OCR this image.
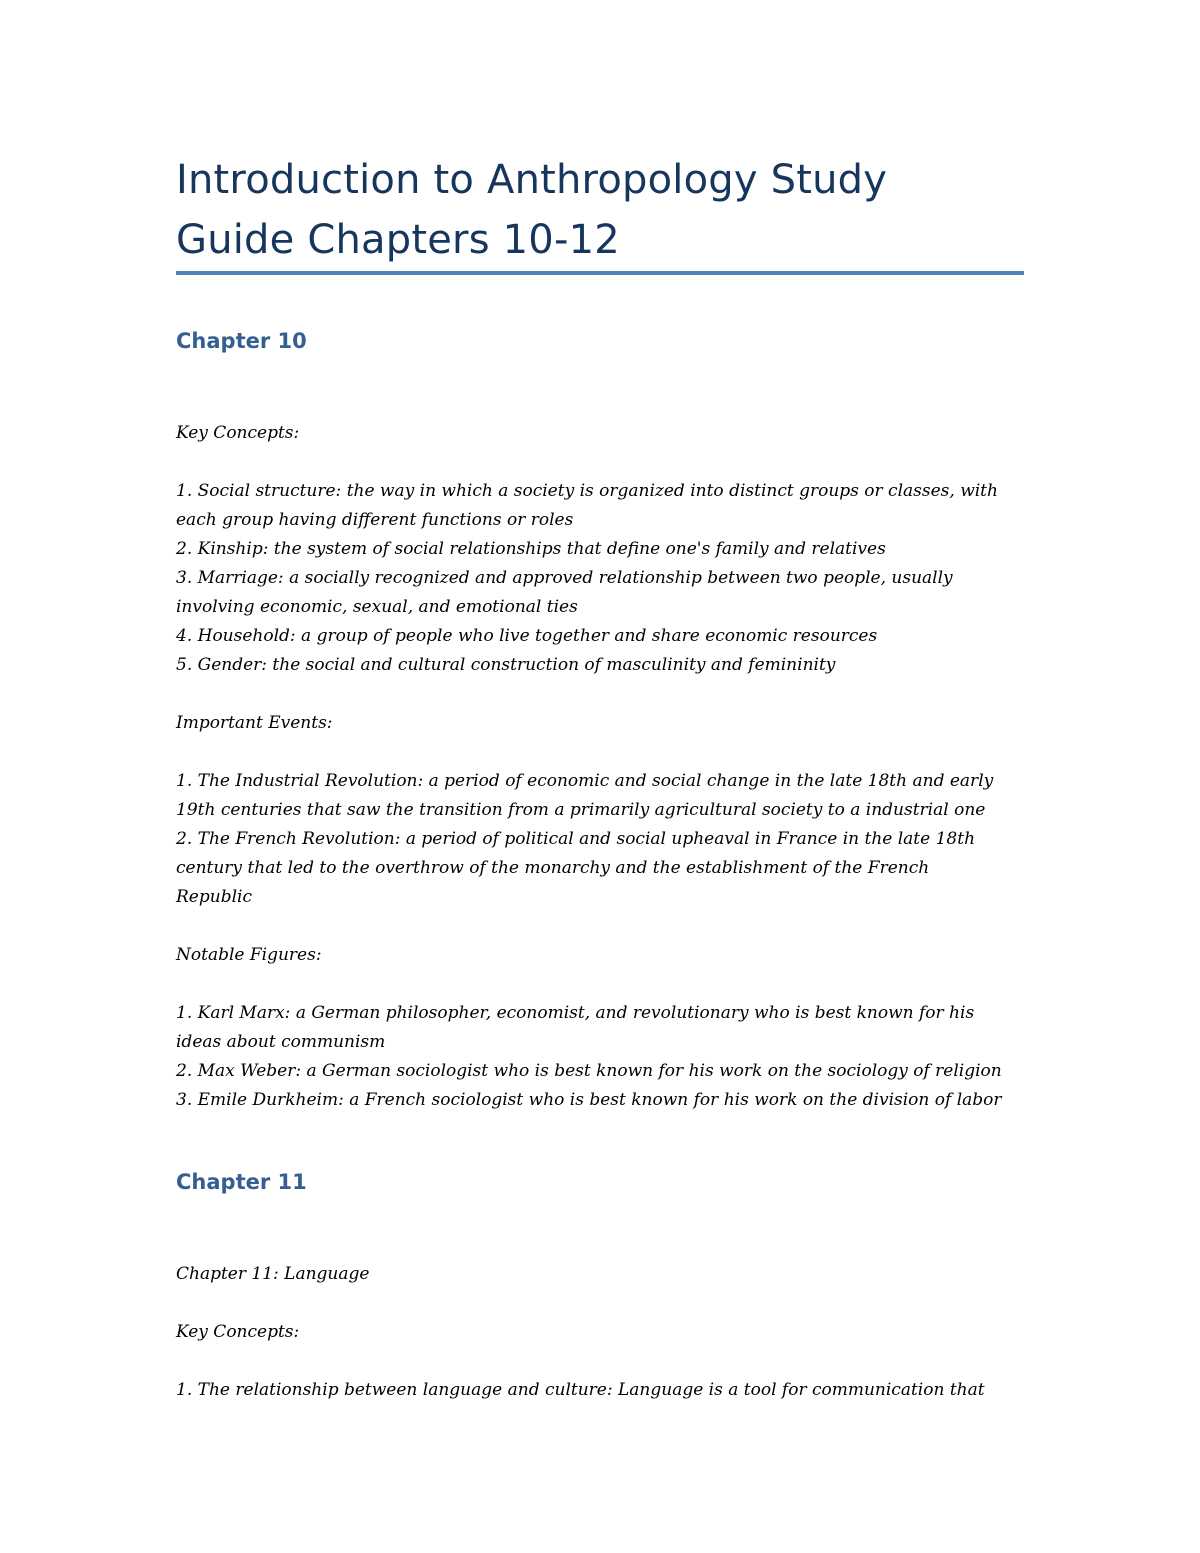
Introduction to Anthropology Study
Guide Chapters 10-12
Chapter 10

Key Concepts:

1. Social structure: the way in which a society is organized into distinct groups or classes, with
each group having different functions or roles
2. Kinship: the system of social relationships that define one's family and relatives
3. Marriage: a socially recognized and approved relationship between two people, usually
involving economic, sexual, and emotional ties
4. Household: a group of people who live together and share economic resources
5. Gender: the social and cultural construction of masculinity and femininity

Important Events:

1. The Industrial Revolution: a period of economic and social change in the late 18th and early
19th centuries that saw the transition from a primarily agricultural society to a industrial one
2. The French Revolution: a period of political and social upheaval in France in the late 18th
century that led to the overthrow of the monarchy and the establishment of the French
Republic

Notable Figures:

1. Karl Marx: a German philosopher, economist, and revolutionary who is best known for his
ideas about communism
2. Max Weber: a German sociologist who is best known for his work on the sociology of religion
3. Emile Durkheim: a French sociologist who is best known for his work on the division of labor

Chapter 11

Chapter 11: Language

Key Concepts:

1. The relationship between language and culture: Language is a tool for communication that
